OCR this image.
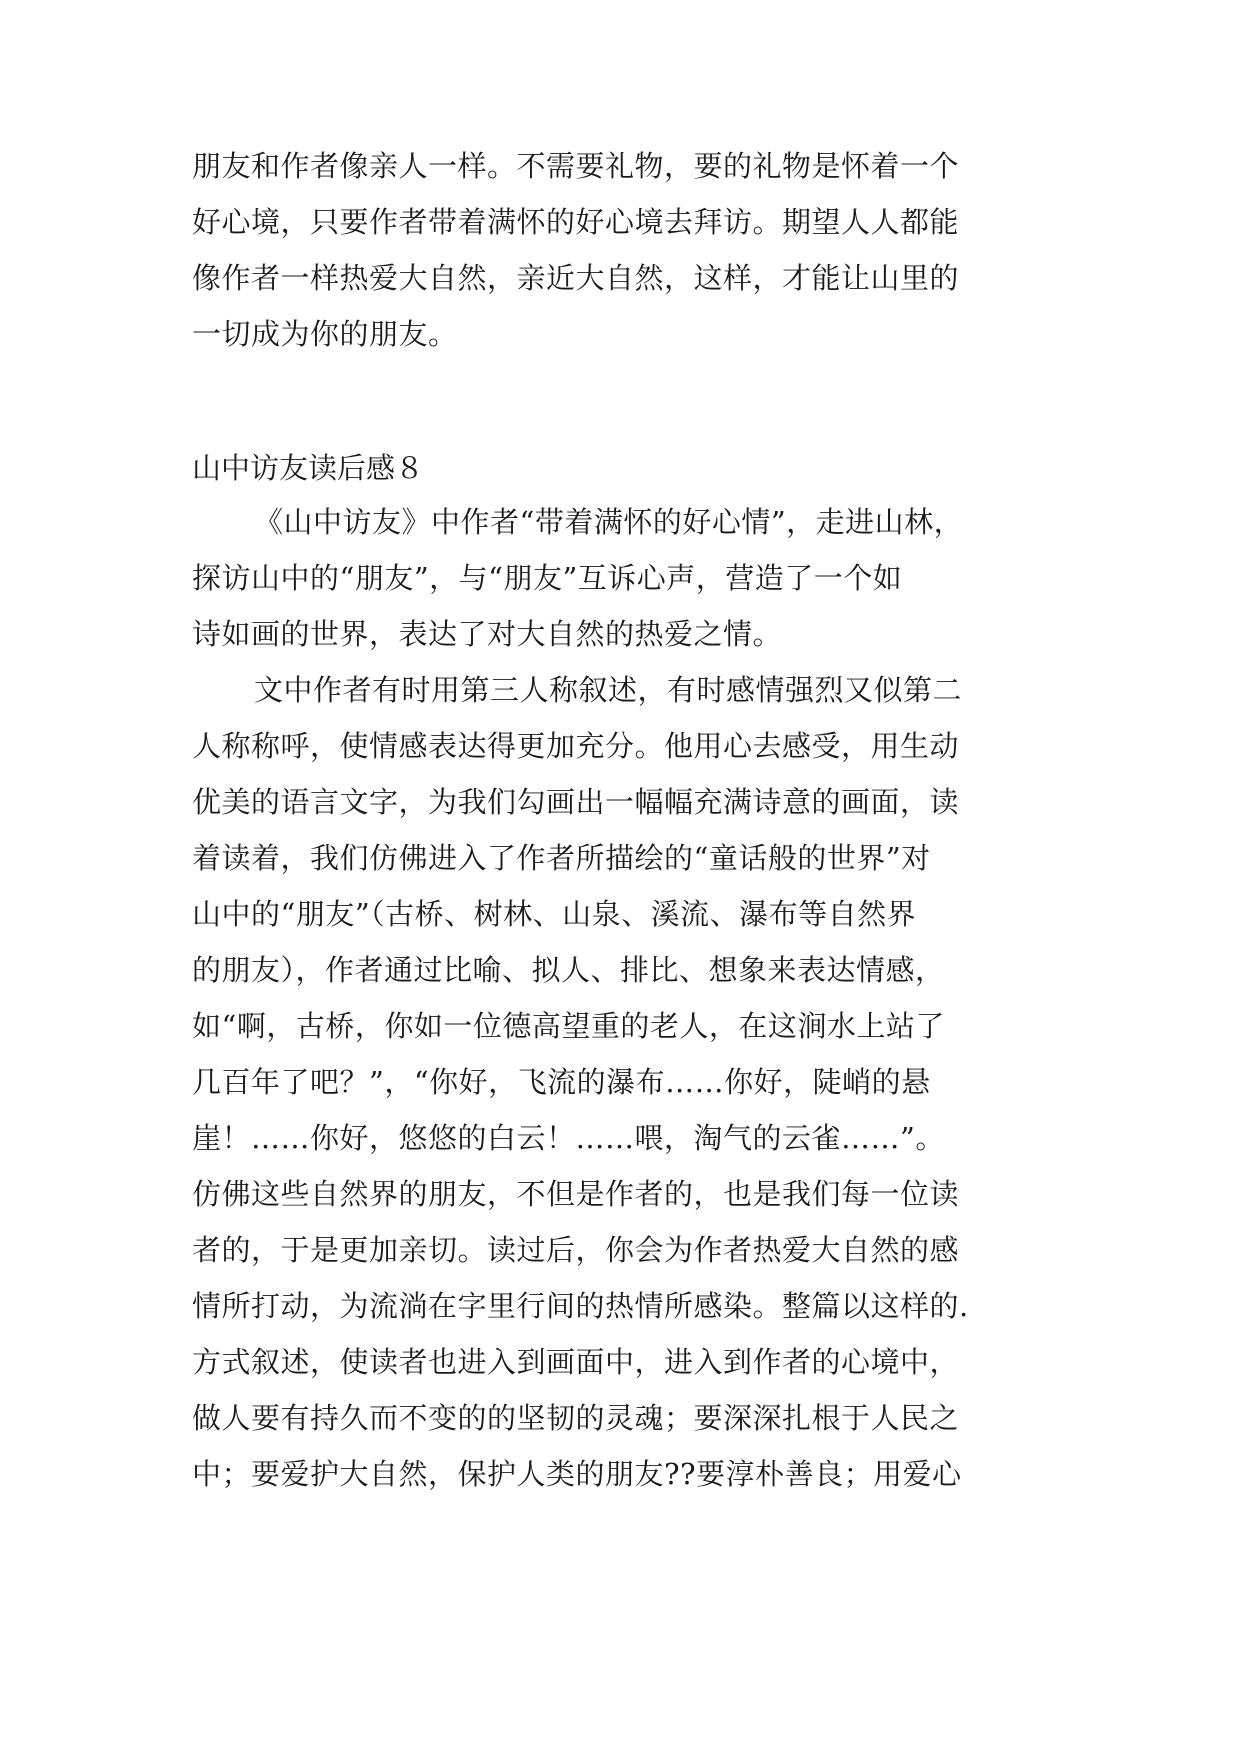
朋友和作者像亲人一样。不需要礼物，要的礼物是怀着一个
好心境，只要作者带着满怀的好心境去拜访。期望人人都能
像作者一样热爱大自然，亲近大自然，这样，才能让山里的
一切成为你的朋友。
山中访友读后感８
《山中访友》中作者“带着满怀的好心情”，走进山林，
探访山中的“朋友”，与“朋友”互诉心声，营造了一个如
诗如画的世界，表达了对大自然的热爱之情。
文中作者有时用第三人称叙述，有时感情强烈又似第二
人称称呼，使情感表达得更加充分。他用心去感受，用生动
优美的语言文字，为我们勾画出一幅幅充满诗意的画面，读
着读着，我们仿佛进入了作者所描绘的“童话般的世界”对
山中的“朋友”（古桥、树林、山泉、溪流、瀑布等自然界
的朋友），作者通过比喻、拟人、排比、想象来表达情感，
如“啊，古桥，你如一位德高望重的老人，在这涧水上站了
几百年了吧？”，“你好，飞流的瀑布……你好，陡峭的悬
崖！……你好，悠悠的白云！……喂，淘气的云雀……”。
仿佛这些自然界的朋友，不但是作者的，也是我们每一位读
者的，于是更加亲切。读过后，你会为作者热爱大自然的感
情所打动，为流淌在字里行间的热情所感染。整篇以这样的.
方式叙述，使读者也进入到画面中，进入到作者的心境中，
做人要有持久而不变的的坚韧的灵魂；要深深扎根于人民之
中；要爱护大自然，保护人类的朋友??要淳朴善良；用爱心
